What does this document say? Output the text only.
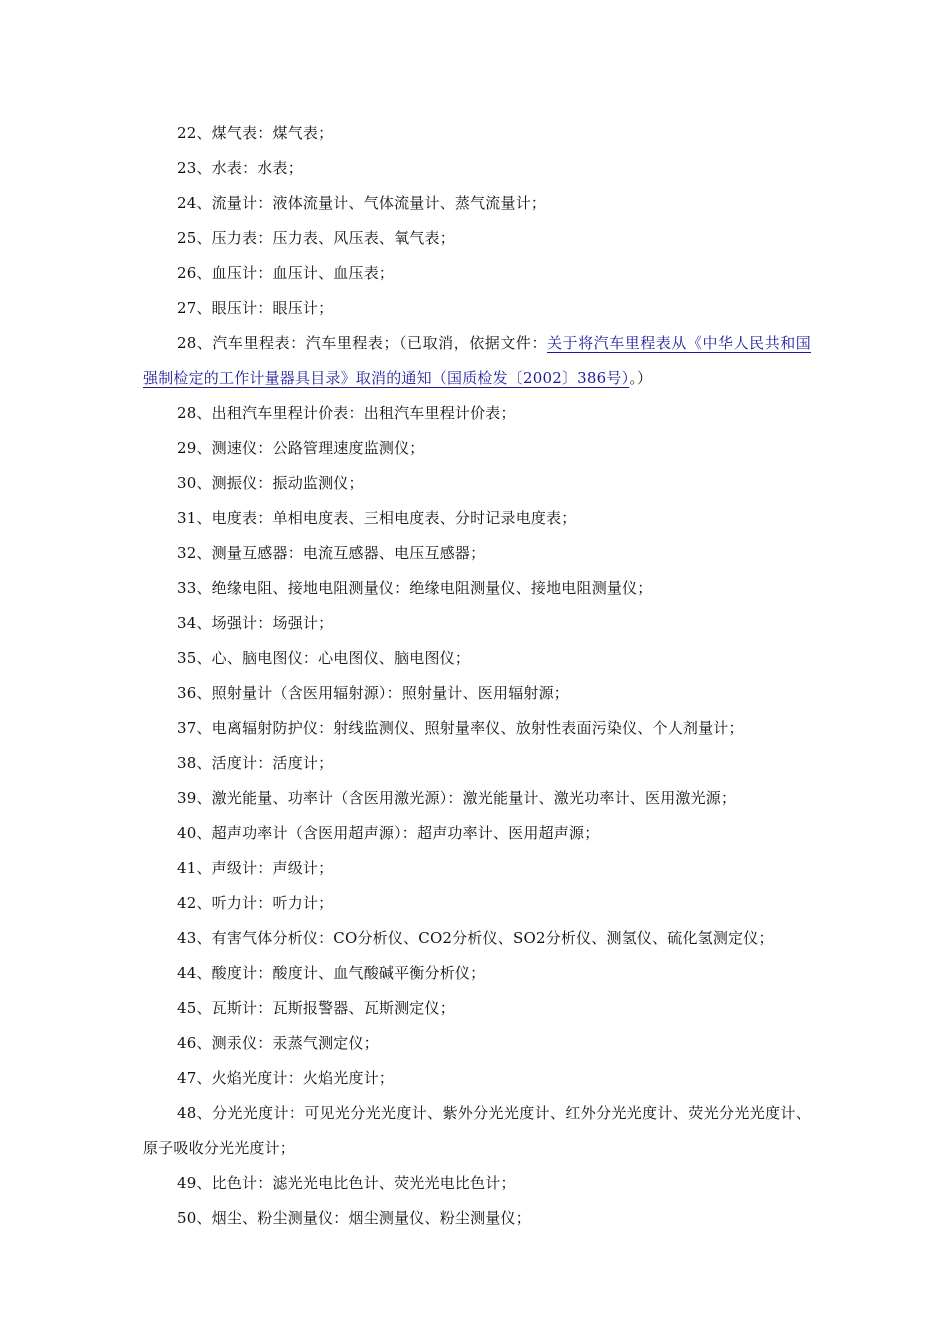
22、煤气表：煤气表；
23、水表：水表；
24、流量计：液体流量计、气体流量计、蒸气流量计；
25、压力表：压力表、风压表、氧气表；
26、血压计：血压计、血压表；
27、眼压计：眼压计；
28、汽车里程表：汽车里程表；（已取消，依据文件：关于将汽车里程表从《中华人民共和国强制检定的工作计量器具目录》取消的通知（国质检发〔2002〕386号）。）
28、出租汽车里程计价表：出租汽车里程计价表；
29、测速仪：公路管理速度监测仪；
30、测振仪：振动监测仪；
31、电度表：单相电度表、三相电度表、分时记录电度表；
32、测量互感器：电流互感器、电压互感器；
33、绝缘电阻、接地电阻测量仪：绝缘电阻测量仪、接地电阻测量仪；
34、场强计：场强计；
35、心、脑电图仪：心电图仪、脑电图仪；
36、照射量计（含医用辐射源）：照射量计、医用辐射源；
37、电离辐射防护仪：射线监测仪、照射量率仪、放射性表面污染仪、个人剂量计；
38、活度计：活度计；
39、激光能量、功率计（含医用激光源）：激光能量计、激光功率计、医用激光源；
40、超声功率计（含医用超声源）：超声功率计、医用超声源；
41、声级计：声级计；
42、听力计：听力计；
43、有害气体分析仪：CO分析仪、CO2分析仪、SO2分析仪、测氢仪、硫化氢测定仪；
44、酸度计：酸度计、血气酸碱平衡分析仪；
45、瓦斯计：瓦斯报警器、瓦斯测定仪；
46、测汞仪：汞蒸气测定仪；
47、火焰光度计：火焰光度计；
48、分光光度计：可见光分光光度计、紫外分光光度计、红外分光光度计、荧光分光光度计、原子吸收分光光度计；
49、比色计：滤光光电比色计、荧光光电比色计；
50、烟尘、粉尘测量仪：烟尘测量仪、粉尘测量仪；
